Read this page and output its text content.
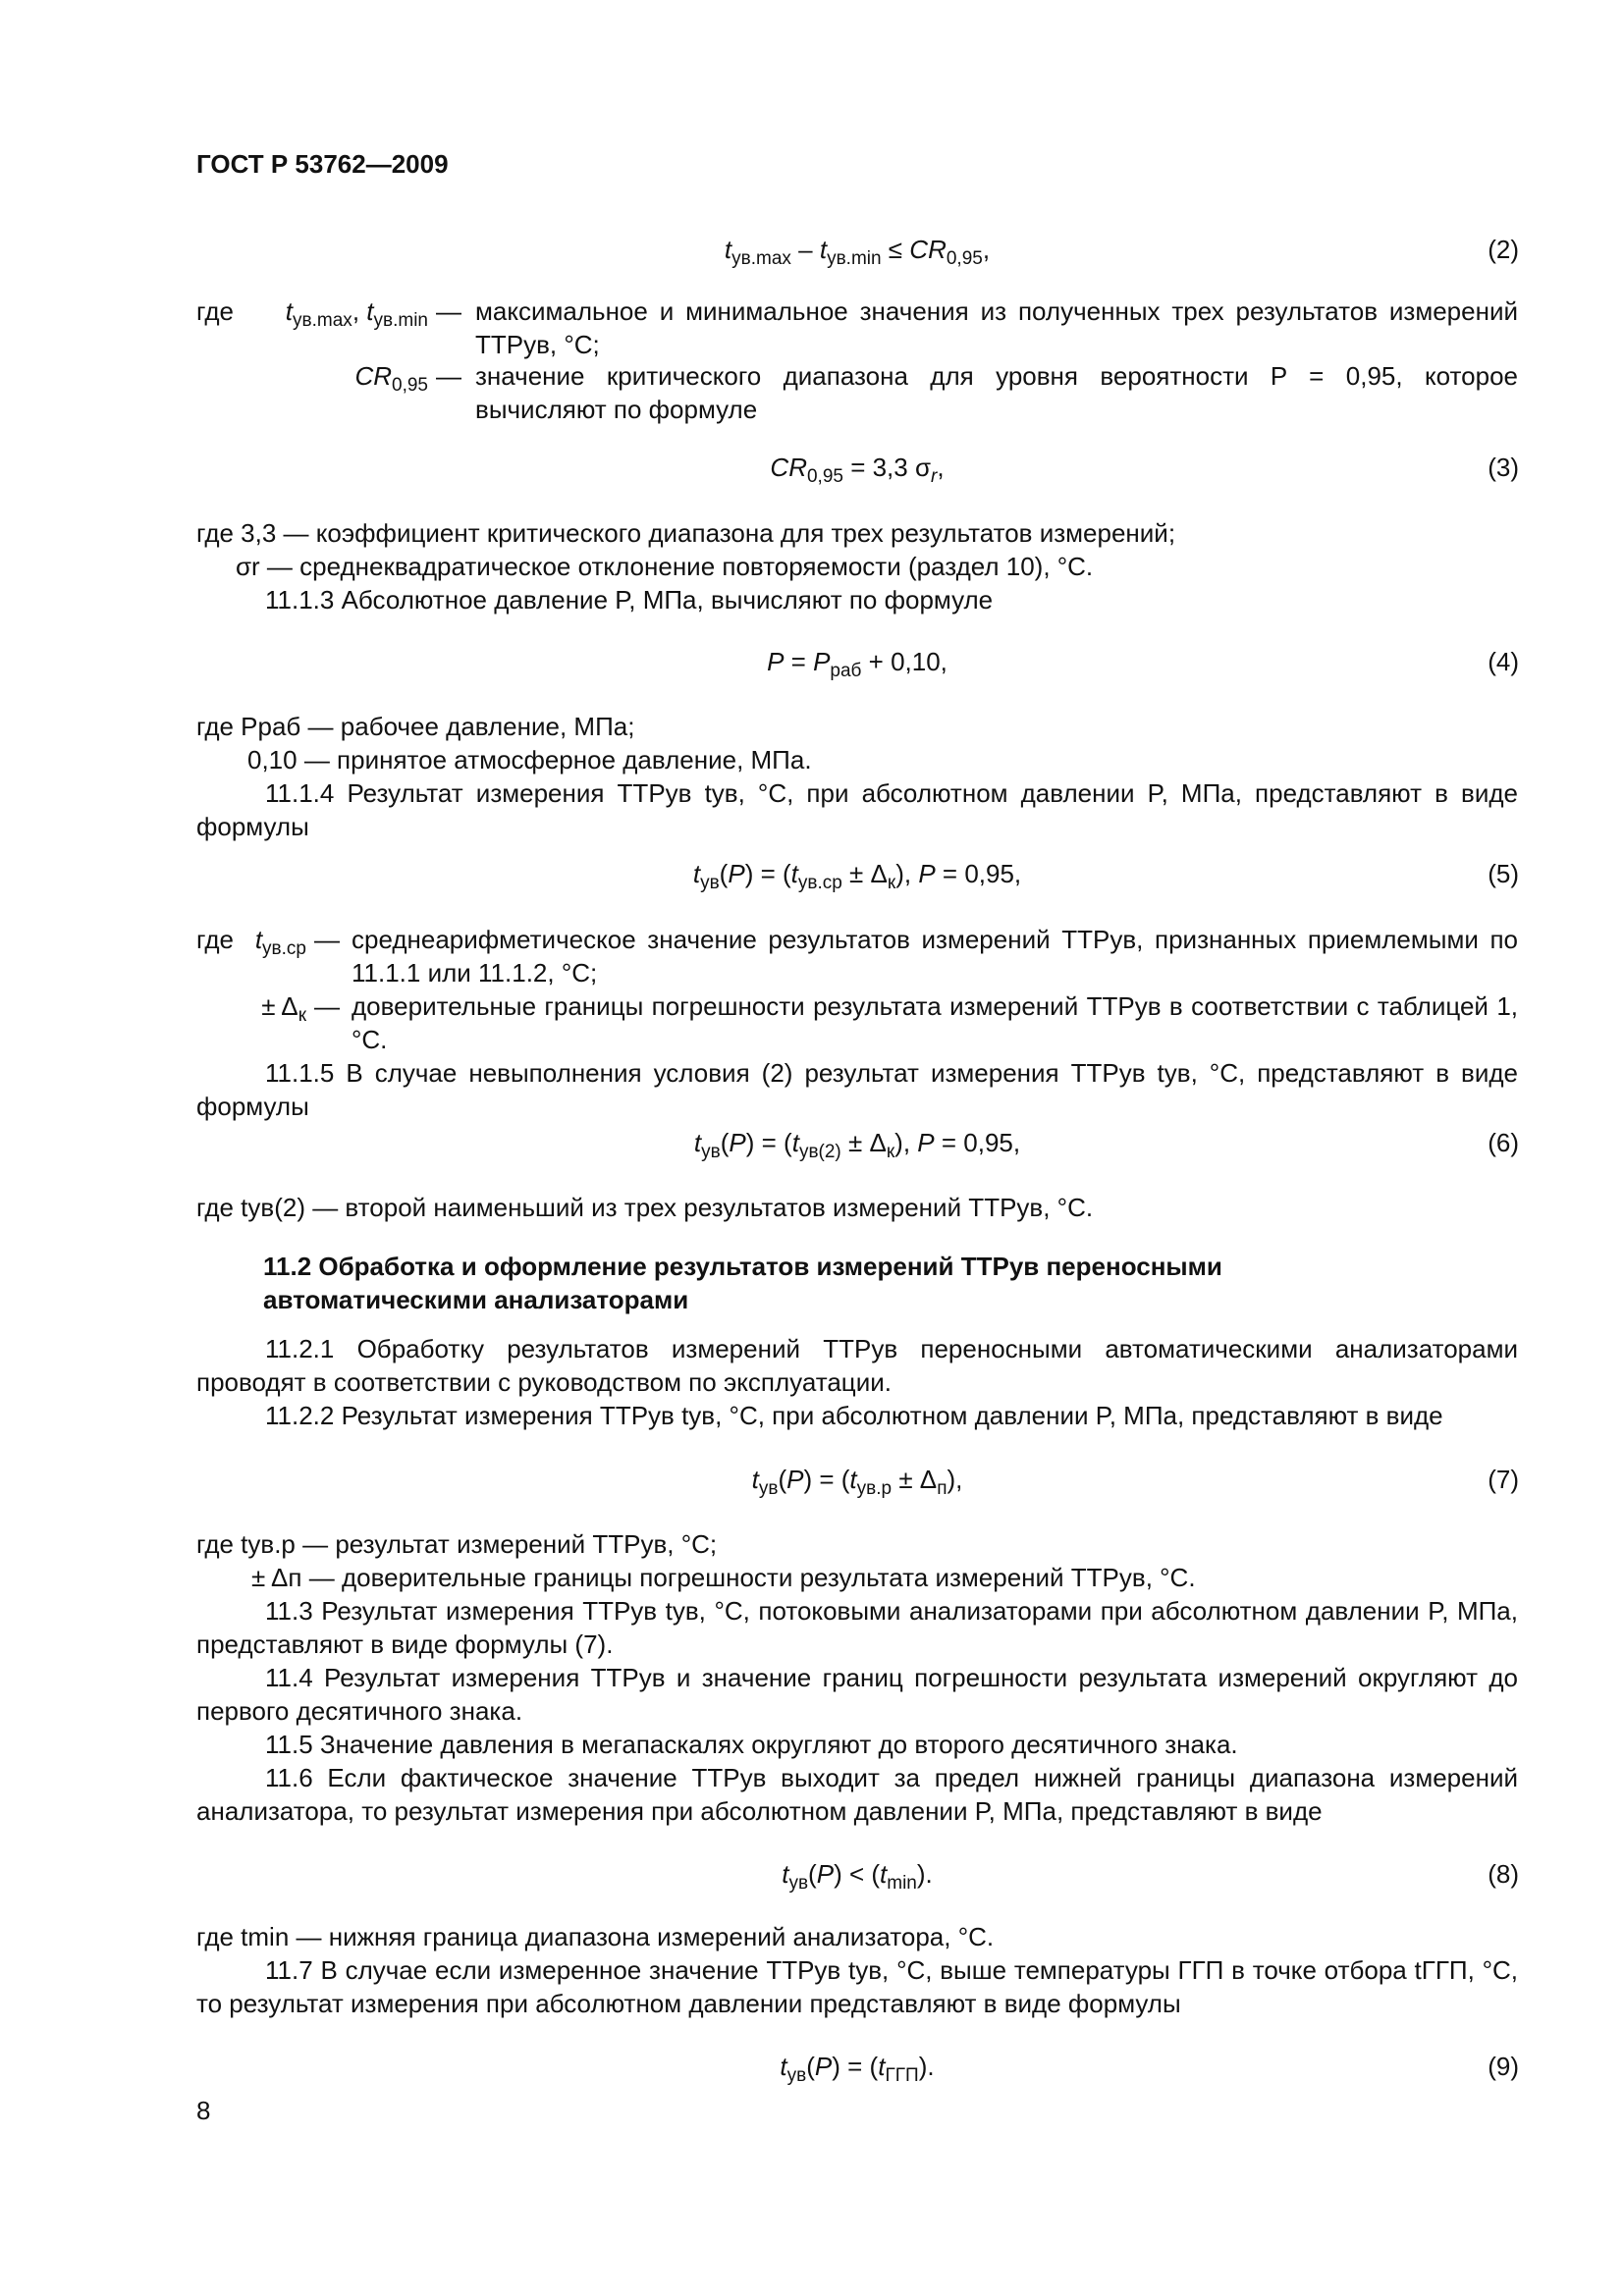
ГОСТ Р 53762—2009
$t_{ув.max} - t_{ув.min} \le CR_{0,95}$,	(2)
где	$t_{ув.max}$, $t_{ув.min}$ — максимальное и минимальное значения из полученных трех результатов измерений ТТРув, °С;
$CR_{0,95}$ — значение критического диапазона для уровня вероятности P = 0,95, которое вычисляют по формуле
$CR_{0,95} = 3,3$ $\sigma_r$,	(3)
где 3,3 — коэффициент критического диапазона для трех результатов измерений;
σr — среднеквадратическое отклонение повторяемости (раздел 10), °С.
11.1.3 Абсолютное давление P, МПа, вычисляют по формуле
$P = P_{раб} + 0,10$,	(4)
где Pраб — рабочее давление, МПа;
0,10 — принятое атмосферное давление, МПа.
11.1.4 Результат измерения ТТРув tув, °С, при абсолютном давлении P, МПа, представляют в виде формулы
$t_{ув}(P) = (t_{ув.ср} \pm \Delta_к)$, P = 0,95,	(5)
где $t_{ув.ср}$ — среднеарифметическое значение результатов измерений ТТРув, признанных приемлемыми по 11.1.1 или 11.1.2, °С;
± $\Delta_к$ — доверительные границы погрешности результата измерений ТТРув в соответствии с таблицей 1, °С.
11.1.5 В случае невыполнения условия (2) результат измерения ТТРув tув, °С, представляют в виде формулы
$t_{ув}(P) = (t_{ув(2)} \pm \Delta_к)$, P = 0,95,	(6)
где tув(2) — второй наименьший из трех результатов измерений ТТРув, °С.
11.2 Обработка и оформление результатов измерений ТТРув переносными
автоматическими анализаторами
11.2.1 Обработку результатов измерений ТТРув переносными автоматическими анализаторами проводят в соответствии с руководством по эксплуатации.
11.2.2 Результат измерения ТТРув tув, °С, при абсолютном давлении P, МПа, представляют в виде
$t_{ув}(P) = (t_{ув.р} \pm \Delta_п)$,	(7)
где tув.р — результат измерений ТТРув, °С;
± Δп — доверительные границы погрешности результата измерений ТТРув, °С.
11.3 Результат измерения ТТРув tув, °С, потоковыми анализаторами при абсолютном давлении P, МПа, представляют в виде формулы (7).
11.4 Результат измерения ТТРув и значение границ погрешности результата измерений округляют до первого десятичного знака.
11.5 Значение давления в мегапаскалях округляют до второго десятичного знака.
11.6 Если фактическое значение ТТРув выходит за предел нижней границы диапазона измерений анализатора, то результат измерения при абсолютном давлении P, МПа, представляют в виде
$t_{ув}(P) < (t_{min})$.	(8)
где tmin — нижняя граница диапазона измерений анализатора, °С.
11.7 В случае если измеренное значение ТТРув tув, °С, выше температуры ГГП в точке отбора tГГП, °С, то результат измерения при абсолютном давлении представляют в виде формулы
$t_{ув}(P) = (t_{ГГП})$.	(9)
8
